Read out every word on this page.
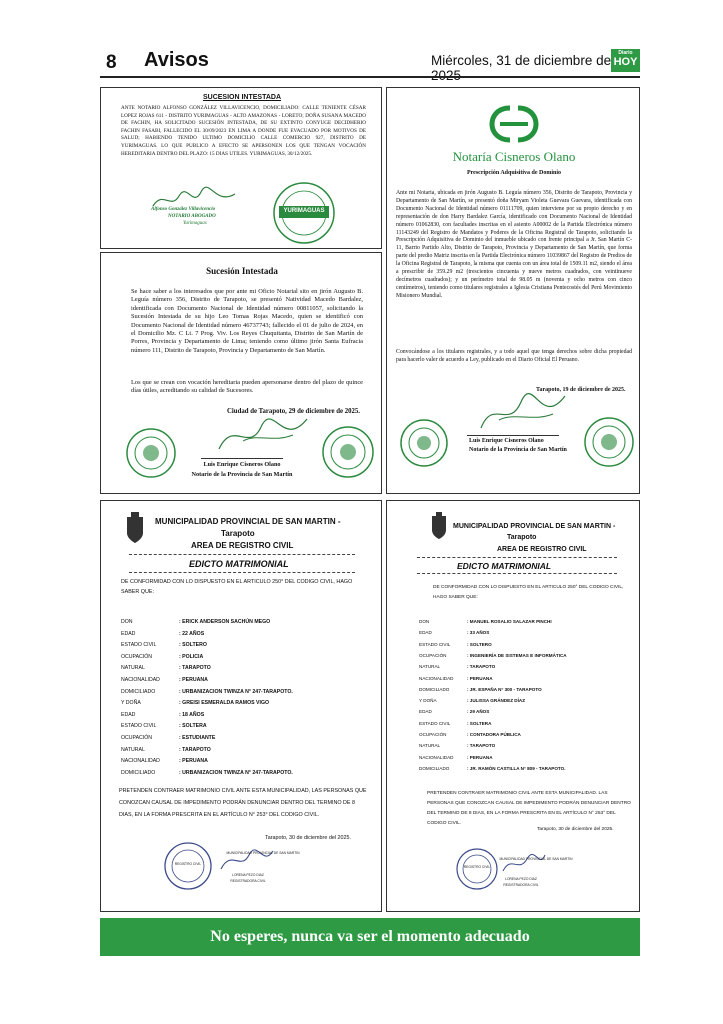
8 Avisos	Miércoles, 31 de diciembre de	Diario
HOY
SUCESION INTESTADA
ANTE NOTARIO ALFONSO GONZÁLEZ VILLAVICENCIO, DOMICILIADO: CALLE TENIENTE CÉSAR LOPEZ ROJAS 611 - DISTRITO YURIMAGUAS - ALTO AMAZONAS - LORETO; DOÑA SUSANA MACEDO DE FACHIN, HA SOLICITADO SUCESIÓN INTESTADA, DE SU EXTINTO CONYUGE DECIDHERIO FACHIN FASABI, FALLECIDO EL 30/09/2023 EN LIMA A DONDE FUE EVACUADO POR MOTIVOS DE SALUD; HABIENDO TENIDO ULTIMO DOMICILIO CALLE COMERCIO 927, DISTRITO DE YURIMAGUAS. LO QUE PUBLICO A EFECTO SE APERSONEN LOS QUE TENGAN VOCACIÓN HEREDITARIA DENTRO DEL PLAZO: 15 DIAS UTILES. YURIMAGUAS, 30/12/2025.
Alfonso González Villavicencio
NOTARIO ABOGADO
Yurimaguas
YURIMAGUAS
Sucesión Intestada
Se hace saber a los interesados que por ante mi Oficio Notarial sito en jirón Augusto B. Leguía número 356, Distrito de Tarapoto, se presentó Natividad Macedo Bardalez, identificada con Documento Nacional de Identidad número 00811057, solicitando la Sucesión Intestada de su hijo Leo Tomas Rojas Macedo, quien se identificó con Documento Nacional de Identidad número 46737743; fallecido el 01 de julio de 2024, en el Domicilio Mz. C Lt. 7 Prog. Viv. Los Reyes Chuquitanta, Distrito de San Martín de Porres, Provincia y Departamento de Lima; teniendo como último jirón Santa Eufracia número 111, Distrito de Tarapoto, Provincia y Departamento de San Martín.
Los que se crean con vocación hereditaria pueden apersonarse dentro del plazo de quince días útiles, acreditando su calidad de Sucesores.
Ciudad de Tarapoto, 29 de diciembre de 2025.
Luis Enrique Cisneros Olano
Notario de la Provincia de San Martín
Notaría Cisneros Olano
Prescripción Adquisitiva de Dominio
Ante mi Notaria, ubicada en jirón Augusto B. Leguía número 356, Distrito de Tarapoto, Provincia y Departamento de San Martín, se presentó doña Miryam Violeta Guevara Guevara, identificada con Documento Nacional de Identidad número 01111709, quien interviene por su propio derecho y en representación de don Harry Bardalez García, identificado con Documento Nacional de Identidad número 01062830, con facultades inscritas en el asiento A00002 de la Partida Electrónica número 11143249 del Registro de Mandatos y Poderes de la Oficina Registral de Tarapoto, solicitando la Prescripción Adquisitiva de Dominio del inmueble ubicado con frente principal a Jr. San Martín C-11, Barrio Partido Alto, Distrito de Tarapoto, Provincia y Departamento de San Martín, que forma parte del predio Matriz inscrita en la Partida Electrónica número 11039867 del Registro de Predios de la Oficina Registral de Tarapoto, la misma que cuenta con un área total de 1509.11 m2, siendo el área a prescribir de 359.29 m2 (trescientos cincuenta y nueve metros cuadrados, con veintinueve decímetros cuadrados); y un perímetro total de 98.05 m (noventa y ocho metros con cinco centímetros), teniendo como titulares registrales a Iglesia Cristiana Pentecostés del Perú Movimiento Misionero Mundial.
Convocándose a los titulares registrales, y a todo aquel que tenga derechos sobre dicha propiedad para hacerlo valer de acuerdo a Ley, publicado en el Diario Oficial El Peruano.
Tarapoto, 19 de diciembre de 2025.
Luis Enrique Cisneros Olano
Notario de la Provincia de San Martín
MUNICIPALIDAD PROVINCIAL DE SAN MARTIN -
Tarapoto
AREA DE REGISTRO CIVIL
EDICTO MATRIMONIAL
DE CONFORMIDAD CON LO DISPUESTO EN EL ARTICULO 250° DEL CODIGO CIVIL, HAGO SABER QUE:
DON	: ERICK ANDERSON SACHÚN MEGO
EDAD	: 22 AÑOS
ESTADO CIVIL	: SOLTERO
OCUPACIÓN	: POLICIA
NATURAL	: TARAPOTO
NACIONALIDAD	: PERUANA
DOMICILIADO	: URBANIZACION TWINZA N° 247-TARAPOTO.
Y DOÑA	: GREISI ESMERALDA RAMOS VIGO
EDAD	: 18 AÑOS
ESTADO CIVIL	: SOLTERA
OCUPACIÓN	: ESTUDIANTE
NATURAL	: TARAPOTO
NACIONALIDAD	: PERUANA
DOMICILIADO	: URBANIZACION TWINZA N° 247-TARAPOTO.
PRETENDEN CONTRAER MATRIMONIO CIVIL ANTE ESTA MUNICIPALIDAD, LAS PERSONAS QUE CONOZCAN CAUSAL DE IMPEDIMENTO PODRÁN DENUNCIAR DENTRO DEL TERMINO DE 8 DIAS, EN LA FORMA PRESCRITA EN EL ARTÍCULO N° 253° DEL CODIGO CIVIL.
Tarapoto, 30 de diciembre del 2025.
REGISTRO CIVIL
MUNICIPALIDAD PROVINCIAL DE SAN MARTIN
LORENA PEZO DIAZ
REGISTRADORA CIVIL
MUNICIPALIDAD PROVINCIAL DE SAN MARTIN -
Tarapoto
AREA DE REGISTRO CIVIL
EDICTO MATRIMONIAL
DE CONFORMIDAD CON LO DISPUESTO EN EL ARTICULO 250° DEL CODIGO CIVIL, HAGO SABER QUE:
DON	: MANUEL ROSALIO SALAZAR PINCHI
EDAD	: 33 AÑOS
ESTADO CIVIL	: SOLTERO
OCUPACIÓN	: INGENIERÍA DE SISTEMAS E INFORMÁTICA
NATURAL	: TARAPOTO
NACIONALIDAD	: PERUANA
DOMICILIADO	: JR. ESPAÑA N° 300 - TARAPOTO
Y DOÑA	: JULISSA GRÁNDEZ DÍAZ
EDAD	: 29 AÑOS
ESTADO CIVIL	: SOLTERA
OCUPACIÓN	: CONTADORA PÚBLICA
NATURAL	: TARAPOTO
NACIONALIDAD	: PERUANA
DOMICILIADO	: JR. RAMÓN CASTILLA N° 809 - TARAPOTO.
PRETENDEN CONTRAER MATRIMONIO CIVIL ANTE ESTA MUNICIPALIDAD. LAS PERSONAS QUE CONOZCAN CAUSAL DE IMPEDIMENTO PODRÁN DENUNCIAR DENTRO DEL TERMINO DE 8 DIAS, EN LA FORMA PRESCRITA EN EL ARTÍCULO N° 253° DEL CODIGO CIVIL.
Tarapoto, 30 de diciembre del 2025.
REGISTRO CIVIL
MUNICIPALIDAD PROVINCIAL DE SAN MARTIN
LORENA PEZO DIAZ
REGISTRADORA CIVIL
No esperes, nunca va ser el momento adecuado
